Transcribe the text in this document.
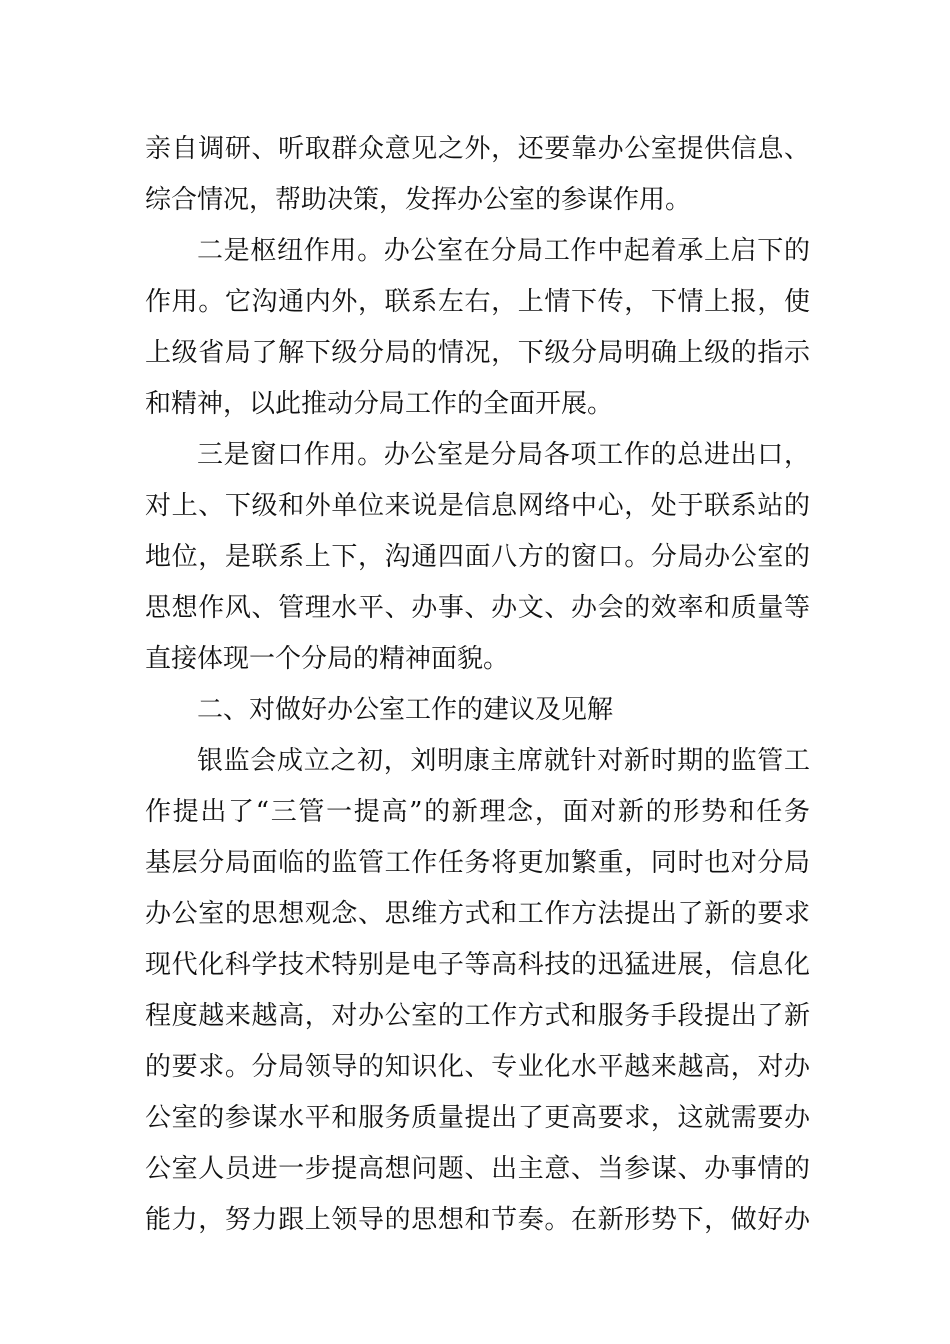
亲自调研、听取群众意见之外，还要靠办公室提供信息、
综合情况，帮助决策，发挥办公室的参谋作用。
二是枢纽作用。办公室在分局工作中起着承上启下的
作用。它沟通内外，联系左右，上情下传，下情上报，使
上级省局了解下级分局的情况，下级分局明确上级的指示
和精神，以此推动分局工作的全面开展。
三是窗口作用。办公室是分局各项工作的总进出口，
对上、下级和外单位来说是信息网络中心，处于联系站的
地位，是联系上下，沟通四面八方的窗口。分局办公室的
思想作风、管理水平、办事、办文、办会的效率和质量等
直接体现一个分局的精神面貌。
二、对做好办公室工作的建议及见解
银监会成立之初，刘明康主席就针对新时期的监管工
作提出了“三管一提高”的新理念，面对新的形势和任务
基层分局面临的监管工作任务将更加繁重，同时也对分局
办公室的思想观念、思维方式和工作方法提出了新的要求
现代化科学技术特别是电子等高科技的迅猛进展，信息化
程度越来越高，对办公室的工作方式和服务手段提出了新
的要求。分局领导的知识化、专业化水平越来越高，对办
公室的参谋水平和服务质量提出了更高要求，这就需要办
公室人员进一步提高想问题、出主意、当参谋、办事情的
能力，努力跟上领导的思想和节奏。在新形势下，做好办
